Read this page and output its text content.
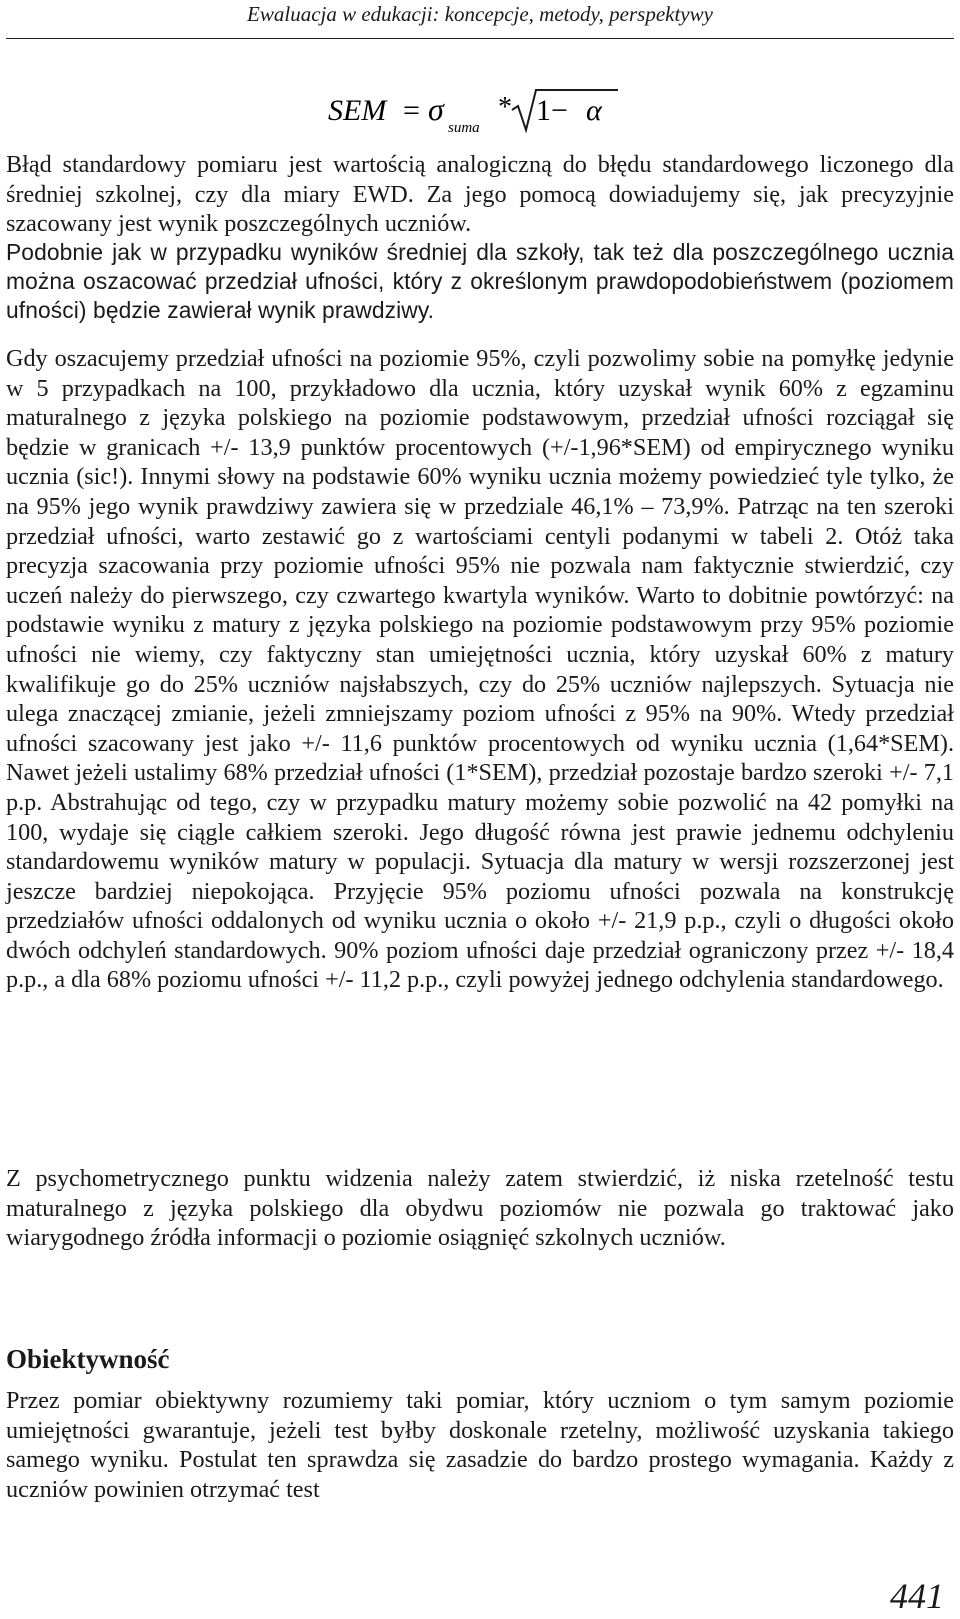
Ewaluacja w edukacji: koncepcje, metody, perspektywy
SEM = σ
suma
* 1− α

Błąd standardowy pomiaru jest wartością analogiczną do błędu standardowego liczonego dla średniej szkolnej, czy dla miary EWD. Za jego pomocą dowiadujemy się, jak precyzyjnie szacowany jest wynik poszczególnych uczniów.

Podobnie jak w przypadku wyników średniej dla szkoły, tak też dla poszczególnego ucznia można oszacować przedział ufności, który z określonym prawdopodobieństwem (poziomem ufności) będzie zawierał wynik prawdziwy.

Gdy oszacujemy przedział ufności na poziomie 95%, czyli pozwolimy sobie na pomyłkę jedynie w 5 przypadkach na 100, przykładowo dla ucznia, który uzyskał wynik 60% z egzaminu maturalnego z języka polskiego na poziomie podstawowym, przedział ufności rozciągał się będzie w granicach +/- 13,9 punktów procentowych (+/-1,96*SEM) od empirycznego wyniku ucznia (sic!). Innymi słowy na podstawie 60% wyniku ucznia możemy powiedzieć tyle tylko, że na 95% jego wynik prawdziwy zawiera się w przedziale 46,1% – 73,9%. Patrząc na ten szeroki przedział ufności, warto zestawić go z wartościami centyli podanymi w tabeli 2. Otóż taka precyzja szacowania przy poziomie ufności 95% nie pozwala nam faktycznie stwierdzić, czy uczeń należy do pierwszego, czy czwartego kwartyla wyników. Warto to dobitnie powtórzyć: na podstawie wyniku z matury z języka polskiego na poziomie podstawowym przy 95% poziomie ufności nie wiemy, czy faktyczny stan umiejętności ucznia, który uzyskał 60% z matury kwalifikuje go do 25% uczniów najsłabszych, czy do 25% uczniów najlepszych. Sytuacja nie ulega znaczącej zmianie, jeżeli zmniejszamy poziom ufności z 95% na 90%. Wtedy przedział ufności szacowany jest jako +/- 11,6 punktów procentowych od wyniku ucznia (1,64*SEM). Nawet jeżeli ustalimy 68% przedział ufności (1*SEM), przedział pozostaje bardzo szeroki +/- 7,1 p.p. Abstrahując od tego, czy w przypadku matury możemy sobie pozwolić na 42 pomyłki na 100, wydaje się ciągle całkiem szeroki. Jego długość równa jest prawie jednemu odchyleniu standardowemu wyników matury w populacji. Sytuacja dla matury w wersji rozszerzonej jest jeszcze bardziej niepokojąca. Przyjęcie 95% poziomu ufności pozwala na konstrukcję przedziałów ufności oddalonych od wyniku ucznia o około +/- 21,9 p.p., czyli o długości około dwóch odchyleń standardowych. 90% poziom ufności daje przedział ograniczony przez +/- 18,4 p.p., a dla 68% poziomu ufności +/- 11,2 p.p., czyli powyżej jednego odchylenia standardowego.

Z psychometrycznego punktu widzenia należy zatem stwierdzić, iż niska rzetelność testu maturalnego z języka polskiego dla obydwu poziomów nie pozwala go traktować jako wiarygodnego źródła informacji o poziomie osiągnięć szkolnych uczniów.

Obiektywność

Przez pomiar obiektywny rozumiemy taki pomiar, który uczniom o tym samym poziomie umiejętności gwarantuje, jeżeli test byłby doskonale rzetelny, możliwość uzyskania takiego samego wyniku. Postulat ten sprawdza się zasadzie do bardzo prostego wymagania. Każdy z uczniów powinien otrzymać test

441
